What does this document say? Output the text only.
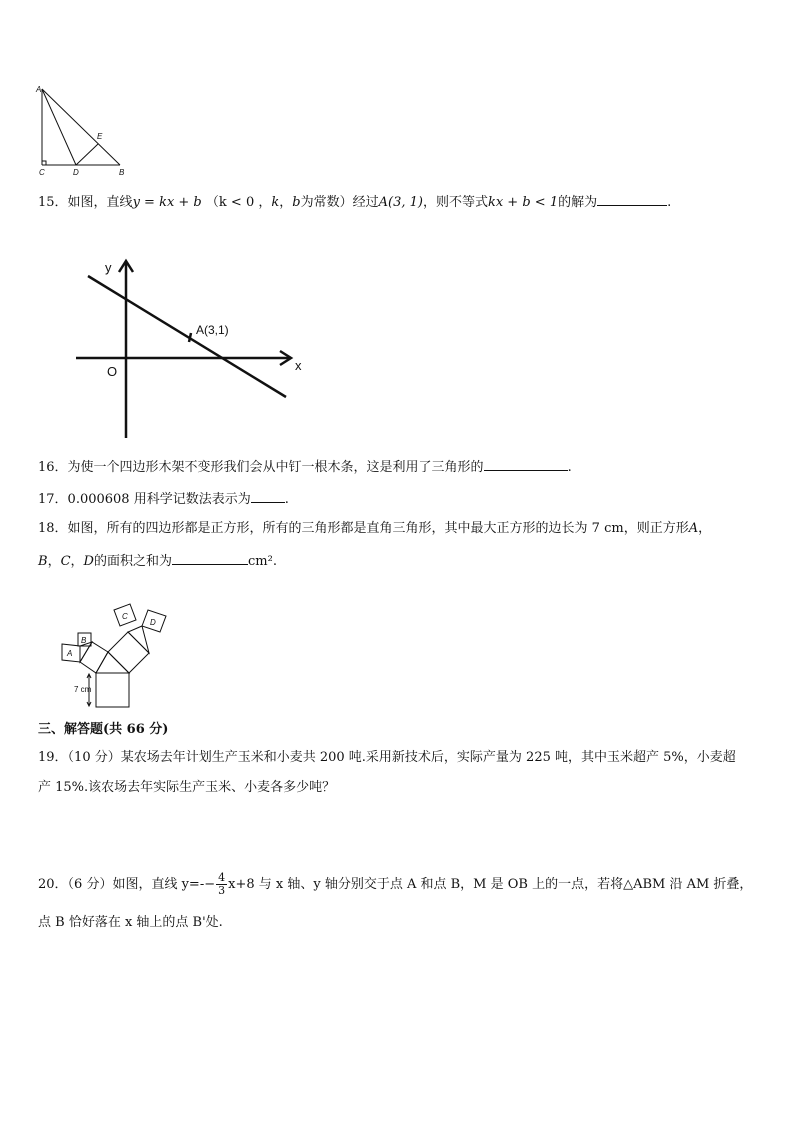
A
C	D
E
B
15．如图，直线y = kx + b （k < 0 ，k，b为常数）经过A(3, 1)，则不等式kx + b < 1的解为	.
y
x
O
A(3,1)
16．为使一个四边形木架不变形我们会从中钉一根木条，这是利用了三角形的	.
17．0.000608 用科学记数法表示为	.
18．如图，所有的四边形都是正方形，所有的三角形都是直角三角形，其中最大正方形的边长为 7 cm，则正方形A，
B，C，D的面积之和为	cm².
A
B
C
D
7 cm
三、解答题(共 66 分)
19．（10 分）某农场去年计划生产玉米和小麦共 200 吨.采用新技术后，实际产量为 225 吨，其中玉米超产 5%，小麦超
产 15%.该农场去年实际生产玉米、小麦各多少吨？
20．（6 分）如图，直线 $y=-- \frac{4}{3} x+8$ 与 x 轴、y 轴分别交于点 A 和点 B，M 是 OB 上的一点，若将△ABM 沿 AM 折叠，
点 B 恰好落在 x 轴上的点 B'处.
